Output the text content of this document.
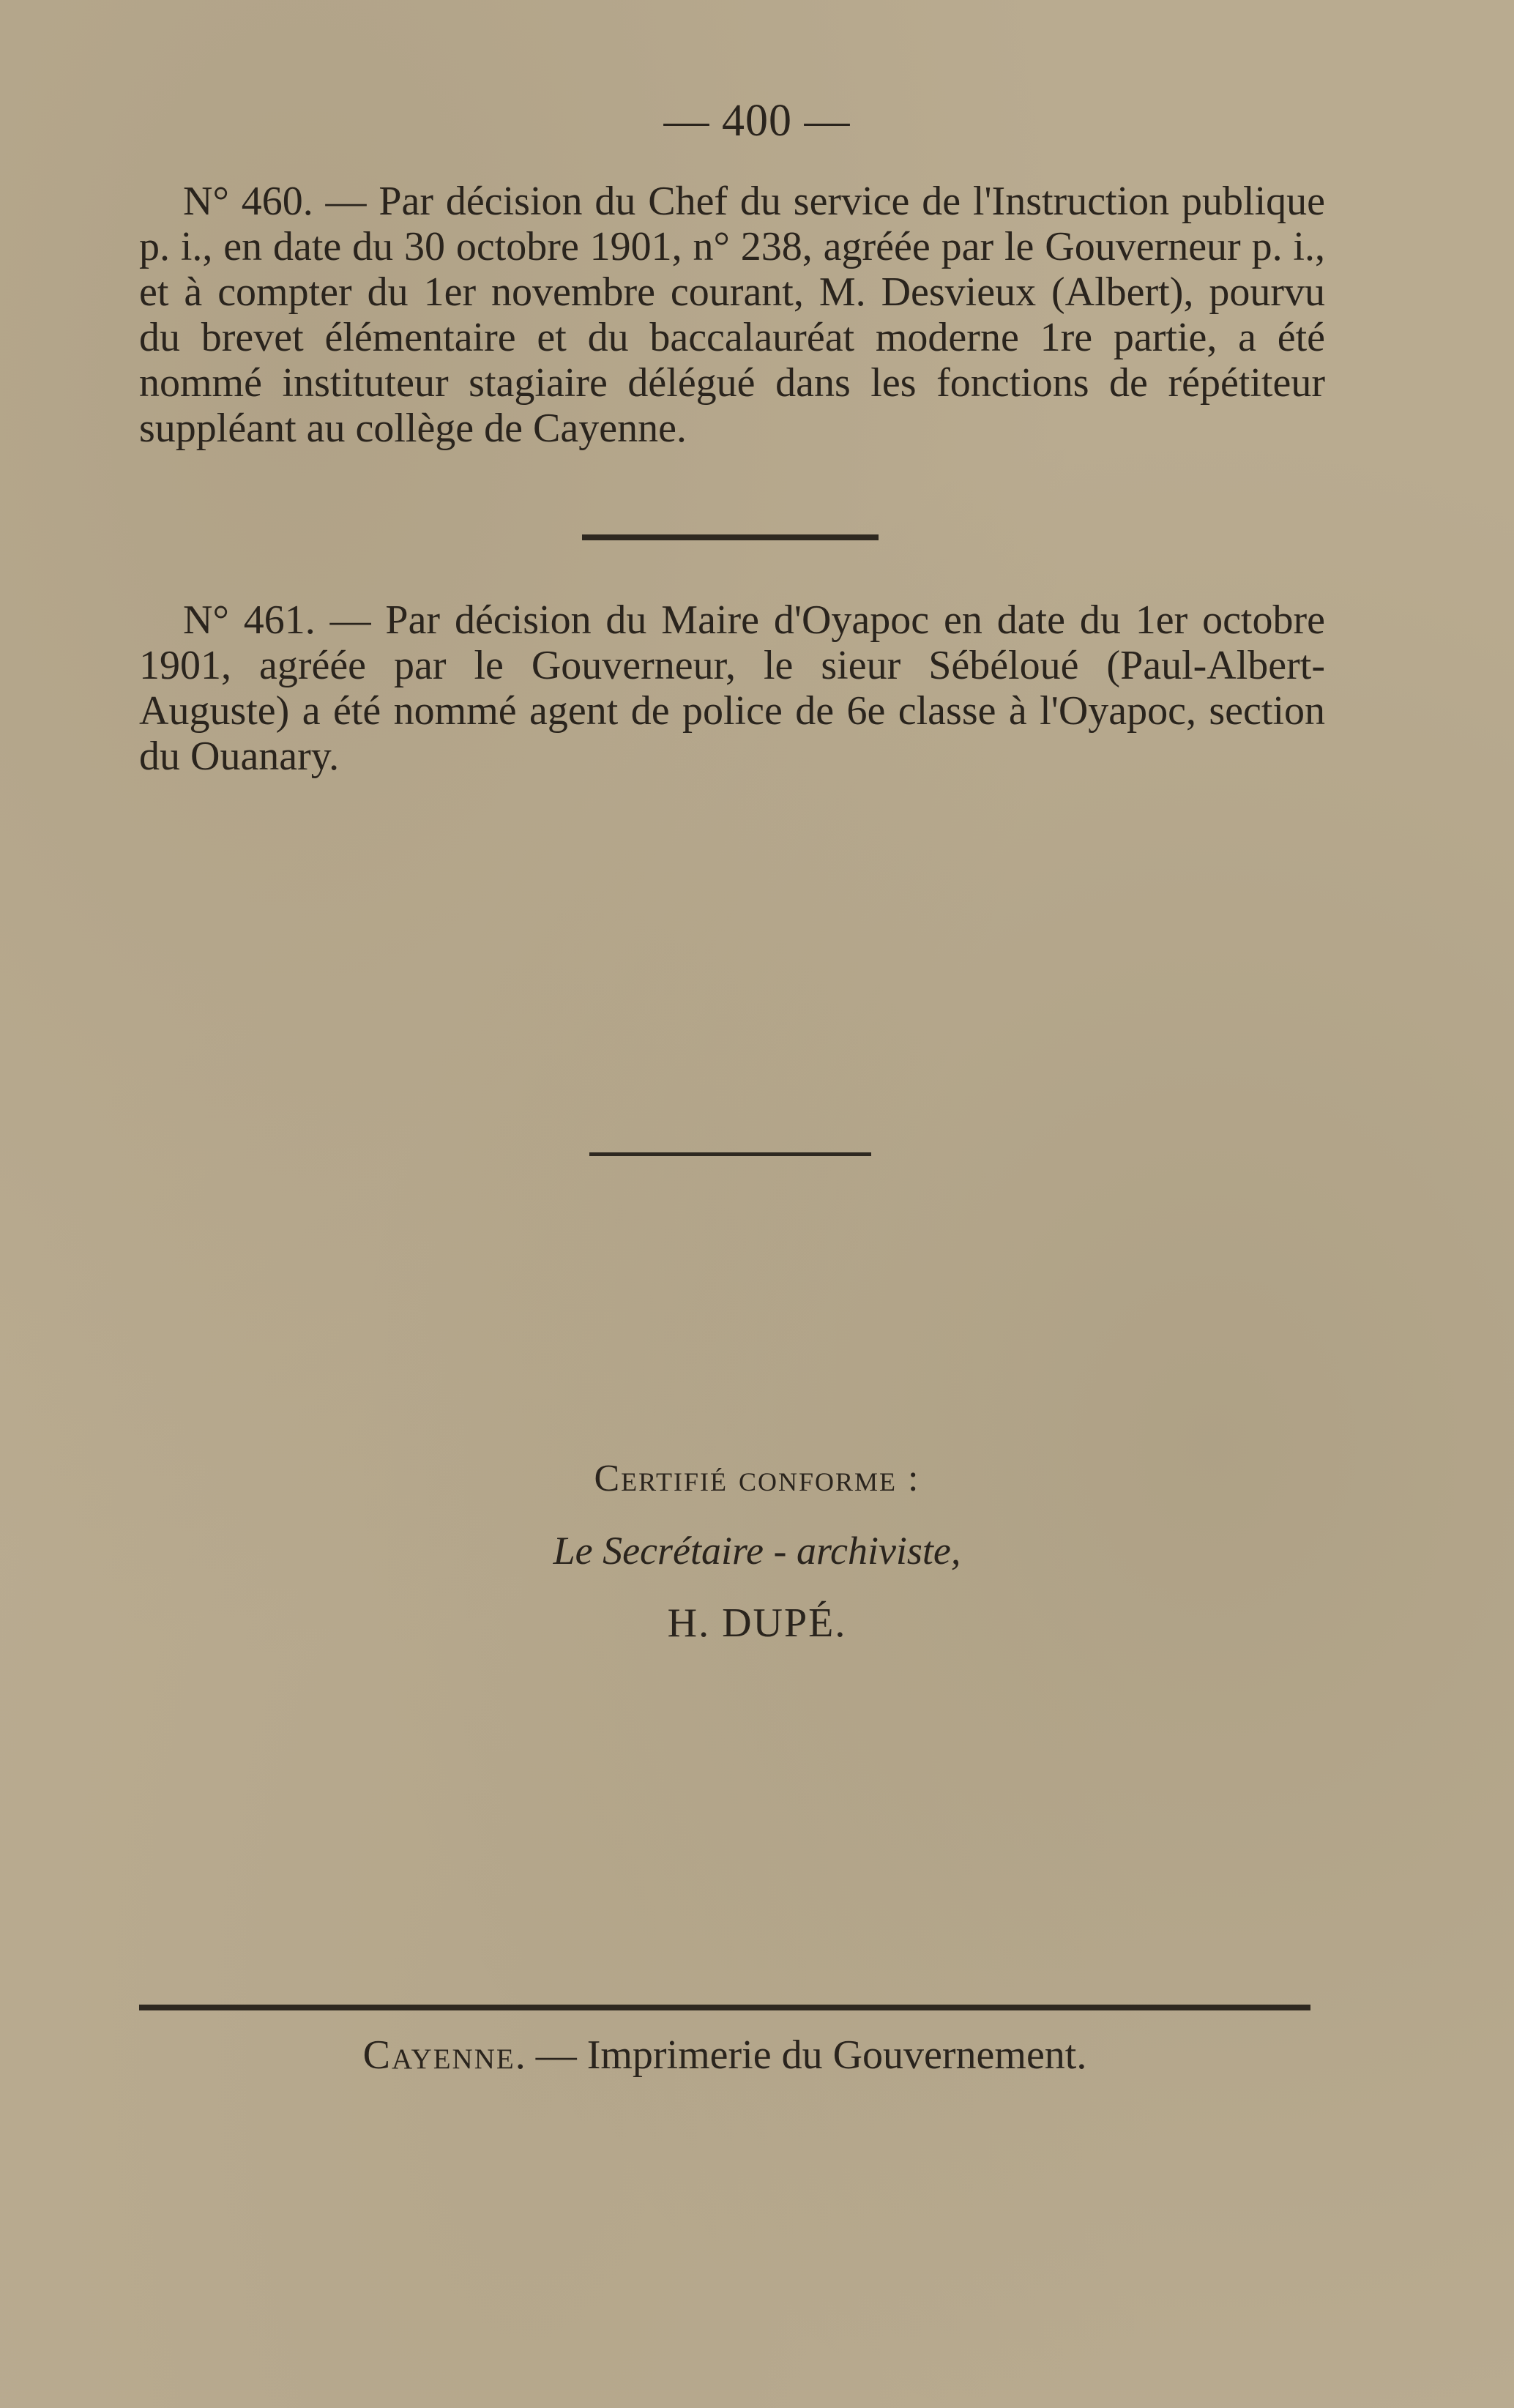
— 400 —

N° 460. — Par décision du Chef du service de l'Instruction publique p. i., en date du 30 octobre 1901, n° 238, agréée par le Gouverneur p. i., et à compter du 1er novembre courant, M. Desvieux (Albert), pourvu du brevet élémentaire et du baccalauréat moderne 1re partie, a été nommé instituteur stagiaire délégué dans les fonctions de répétiteur suppléant au collège de Cayenne.

N° 461. — Par décision du Maire d'Oyapoc en date du 1er octobre 1901, agréée par le Gouverneur, le sieur Sébéloué (Paul-Albert-Auguste) a été nommé agent de police de 6e classe à l'Oyapoc, section du Ouanary.

Certifié conforme :
Le Secrétaire - archiviste,
H. DUPÉ.
Cayenne. — Imprimerie du Gouvernement.
